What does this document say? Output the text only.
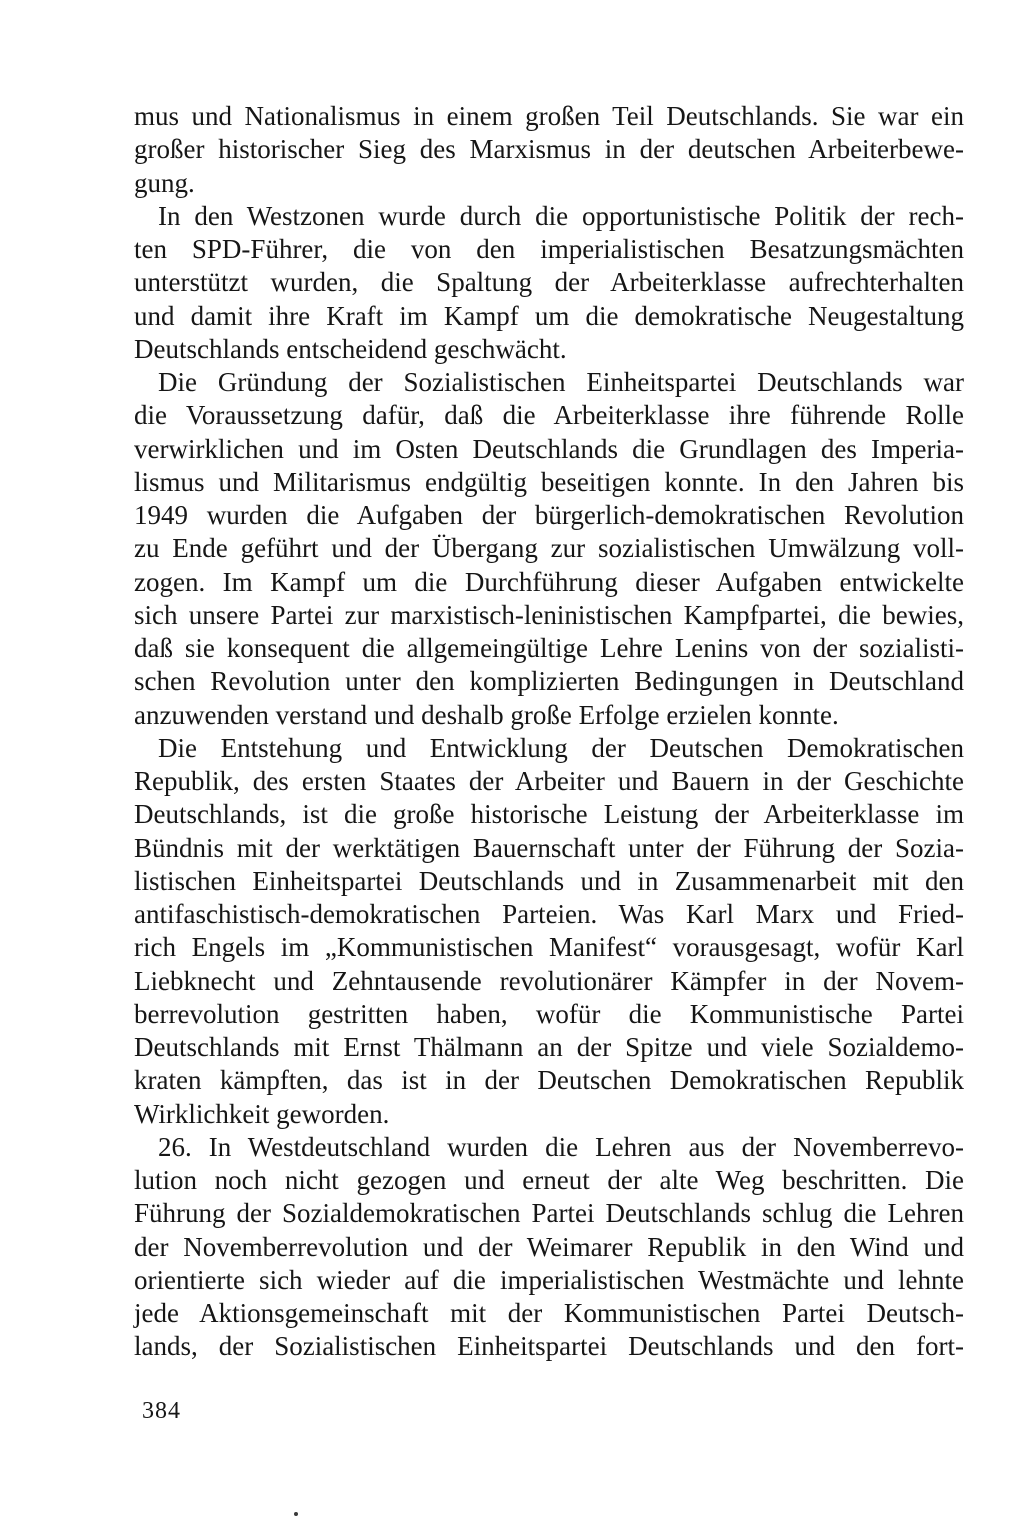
mus und Nationalismus in einem großen Teil Deutschlands. Sie war ein
großer historischer Sieg des Marxismus in der deutschen Arbeiterbewe-
gung.
In den Westzonen wurde durch die opportunistische Politik der rech-
ten SPD-Führer, die von den imperialistischen Besatzungsmächten
unterstützt wurden, die Spaltung der Arbeiterklasse aufrechterhalten
und damit ihre Kraft im Kampf um die demokratische Neugestaltung
Deutschlands entscheidend geschwächt.
Die Gründung der Sozialistischen Einheitspartei Deutschlands war
die Voraussetzung dafür, daß die Arbeiterklasse ihre führende Rolle
verwirklichen und im Osten Deutschlands die Grundlagen des Imperia-
lismus und Militarismus endgültig beseitigen konnte. In den Jahren bis
1949 wurden die Aufgaben der bürgerlich-demokratischen Revolution
zu Ende geführt und der Übergang zur sozialistischen Umwälzung voll-
zogen. Im Kampf um die Durchführung dieser Aufgaben entwickelte
sich unsere Partei zur marxistisch-leninistischen Kampfpartei, die bewies,
daß sie konsequent die allgemeingültige Lehre Lenins von der sozialisti-
schen Revolution unter den komplizierten Bedingungen in Deutschland
anzuwenden verstand und deshalb große Erfolge erzielen konnte.
Die Entstehung und Entwicklung der Deutschen Demokratischen
Republik, des ersten Staates der Arbeiter und Bauern in der Geschichte
Deutschlands, ist die große historische Leistung der Arbeiterklasse im
Bündnis mit der werktätigen Bauernschaft unter der Führung der Sozia-
listischen Einheitspartei Deutschlands und in Zusammenarbeit mit den
antifaschistisch-demokratischen Parteien. Was Karl Marx und Fried-
rich Engels im „Kommunistischen Manifest“ vorausgesagt, wofür Karl
Liebknecht und Zehntausende revolutionärer Kämpfer in der Novem-
berrevolution gestritten haben, wofür die Kommunistische Partei
Deutschlands mit Ernst Thälmann an der Spitze und viele Sozialdemo-
kraten kämpften, das ist in der Deutschen Demokratischen Republik
Wirklichkeit geworden.
26. In Westdeutschland wurden die Lehren aus der Novemberrevo-
lution noch nicht gezogen und erneut der alte Weg beschritten. Die
Führung der Sozialdemokratischen Partei Deutschlands schlug die Lehren
der Novemberrevolution und der Weimarer Republik in den Wind und
orientierte sich wieder auf die imperialistischen Westmächte und lehnte
jede Aktionsgemeinschaft mit der Kommunistischen Partei Deutsch-
lands, der Sozialistischen Einheitspartei Deutschlands und den fort-
384
